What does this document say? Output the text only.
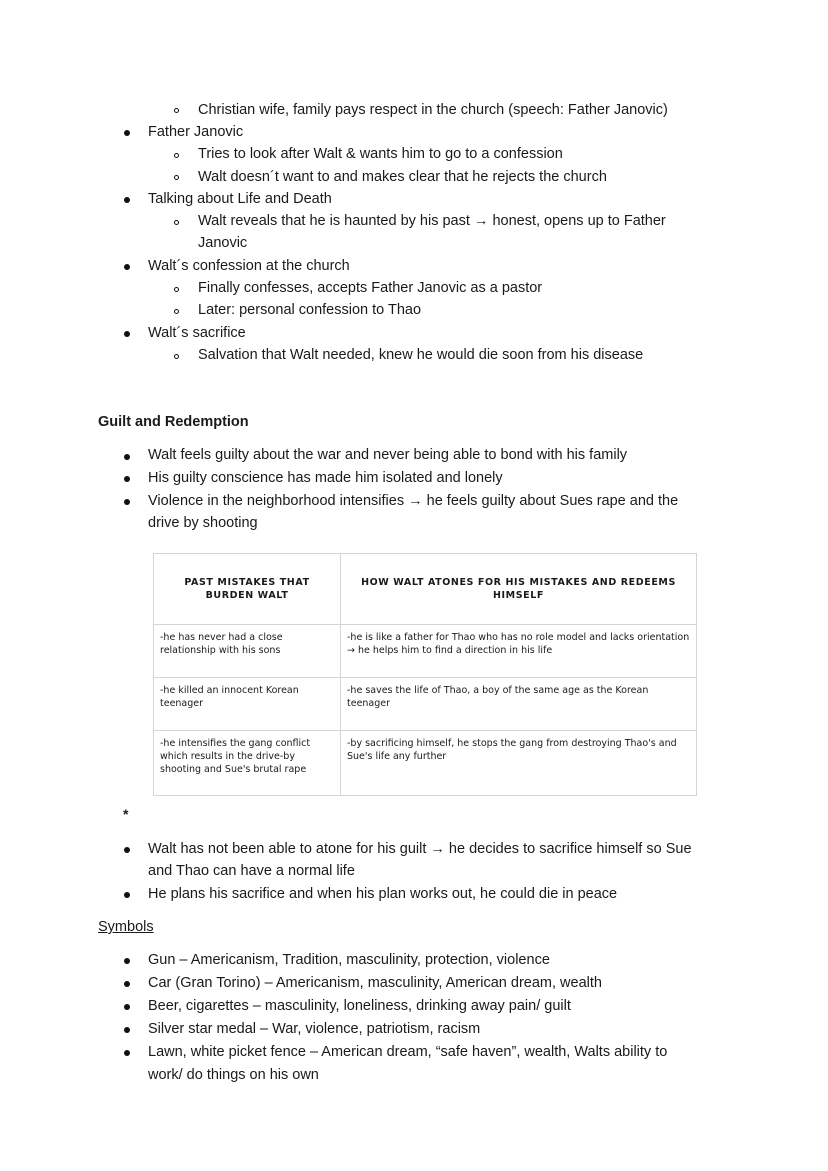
Christian wife, family pays respect in the church (speech: Father Janovic)
Father Janovic
Tries to look after Walt & wants him to go to a confession
Walt doesn´t want to and makes clear that he rejects the church
Talking about Life and Death
Walt reveals that he is haunted by his past → honest, opens up to Father
Janovic
Walt´s confession at the church
Finally confesses, accepts Father Janovic as a pastor
Later: personal confession to Thao
Walt´s sacrifice
Salvation that Walt needed, knew he would die soon from his disease
Guilt and Redemption
Walt feels guilty about the war and never being able to bond with his family
His guilty conscience has made him isolated and lonely
Violence in the neighborhood intensifies → he feels guilty about Sues rape and the
drive by shooting
PAST MISTAKES THAT BURDEN WALT	HOW WALT ATONES FOR HIS MISTAKES AND REDEEMS HIMSELF
-he has never had a close relationship with his sons	-he is like a father for Thao who has no role model and lacks orientation → he helps him to find a direction in his life
-he killed an innocent Korean teenager	-he saves the life of Thao, a boy of the same age as the Korean teenager
-he intensifies the gang conflict which results in the drive-by shooting and Sue's brutal rape	-by sacrificing himself, he stops the gang from destroying Thao's and Sue's life any further
*
Walt has not been able to atone for his guilt → he decides to sacrifice himself so Sue
and Thao can have a normal life
He plans his sacrifice and when his plan works out, he could die in peace
Symbols
Gun – Americanism, Tradition, masculinity, protection, violence
Car (Gran Torino) – Americanism, masculinity, American dream, wealth
Beer, cigarettes – masculinity, loneliness, drinking away pain/ guilt
Silver star medal – War, violence, patriotism, racism
Lawn, white picket fence – American dream, “safe haven”, wealth, Walts ability to
work/ do things on his own
